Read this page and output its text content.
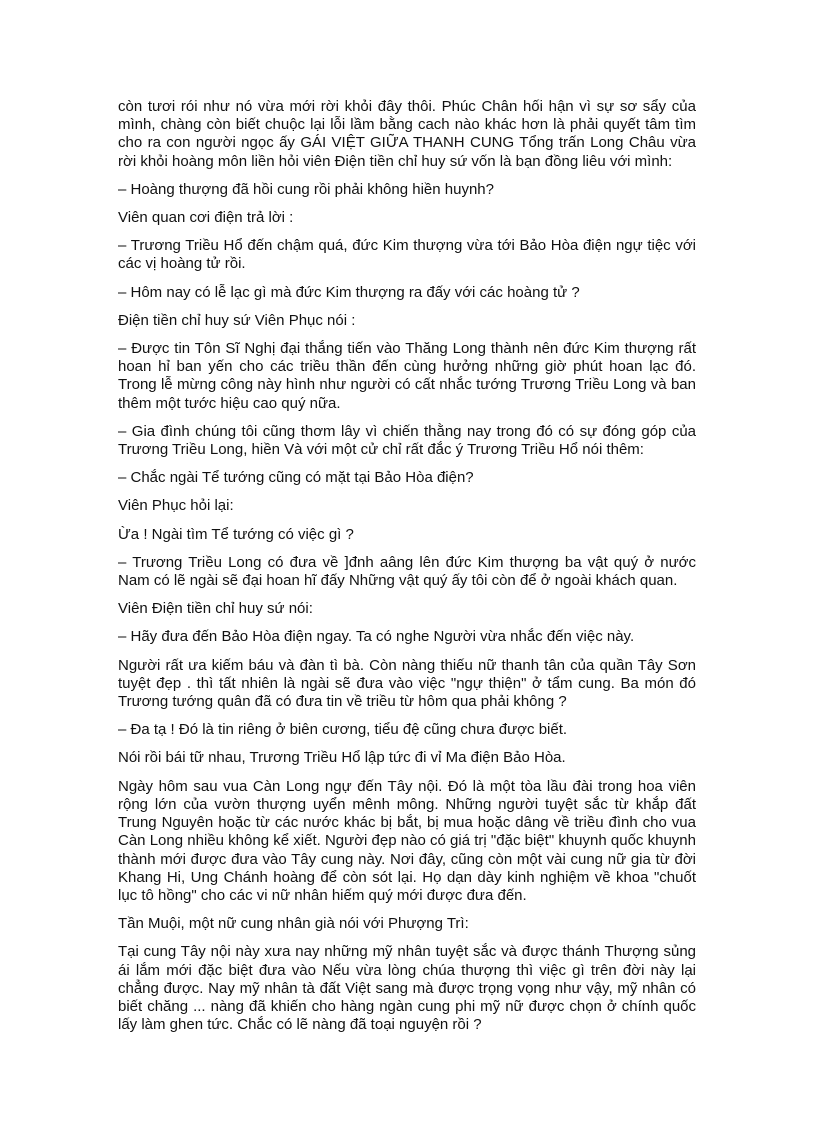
còn tươi rói như nó vừa mới rời khỏi đây thôi. Phúc Chân hối hận vì sự sơ sẩy của mình, chàng còn biết chuộc lại lỗi lầm bằng cach nào khác hơn là phải quyết tâm tìm cho ra con người ngọc ấy GÁI VIỆT GIỮA THANH CUNG Tổng trấn Long Châu vừa rời khỏi hoàng môn liền hỏi viên Điện tiền chỉ huy sứ vốn là bạn đồng liêu với mình:

– Hoàng thượng đã hồi cung rồi phải không hiền huynh?

Viên quan cơi điện trả lời :

– Trương Triều Hổ đến chậm quá, đức Kim thượng vừa tới Bảo Hòa điện ngự tiệc với các vị hoàng tử rồi.

– Hôm nay có lễ lạc gì mà đức Kim thượng ra đấy với các hoàng tử ?

Điện tiền chỉ huy sứ Viên Phục nói :

– Được tin Tôn Sĩ Nghị đại thắng tiến vào Thăng Long thành nên đức Kim thượng rất hoan hỉ ban yến cho các triều thần đến cùng hưởng những giờ phút hoan lạc đó. Trong lễ mừng công này hình như người có cất nhắc tướng Trương Triều Long và ban thêm một tước hiệu cao quý nữa.

– Gia đình chúng tôi cũng thơm lây vì chiến thằng nay trong đó có sự đóng góp của Trương Triều Long, hiền Và với một cử chỉ rất đắc ý Trương Triều Hổ nói thêm:

– Chắc ngài Tể tướng cũng có mặt tại Bảo Hòa điện?

Viên Phục hỏi lại:

Ừa ! Ngài tìm Tể tướng có việc gì ?

– Trương Triều Long có đưa về ]đnh aâng lên đức Kim thượng ba vật quý ở nước Nam có lẽ ngài sẽ đại hoan hĩ đấy Những vật quý ấy tôi còn để ở ngoài khách quan.

Viên Điện tiền chỉ huy sứ nói:

– Hãy đưa đến Bảo Hòa điện ngay. Ta có nghe Người vừa nhắc đến việc này.

Người rất ưa kiếm báu và đàn tì bà. Còn nàng thiếu nữ thanh tân của quần Tây Sơn tuyệt đẹp . thì tất nhiên là ngài sẽ đưa vào việc "ngự thiện" ở tẩm cung. Ba món đó Trương tướng quân đã có đưa tin về triều từ hôm qua phải không ?

– Đa tạ ! Đó là tin riêng ở biên cương, tiểu đệ cũng chưa được biết.

Nói rồi bái tữ nhau, Trương Triều Hổ lập tức đi vỉ Ma điện Bảo Hòa.

Ngày hôm sau vua Càn Long ngự đến Tây nội. Đó là một tòa lầu đài trong hoa viên rộng lớn của vườn thượng uyển mênh mông. Những người tuyệt sắc từ khắp đất Trung Nguyên hoặc từ các nước khác bị bắt, bị mua hoặc dâng về triều đình cho vua Càn Long nhiều không kể xiết. Người đẹp nào có giá trị "đặc biệt" khuynh quốc khuynh thành mới được đưa vào Tây cung này. Nơi đây, cũng còn một vài cung nữ gia từ đời Khang Hi, Ung Chánh hoàng để còn sót lại. Họ dạn dày kinh nghiệm về khoa "chuốt lục tô hồng" cho các vi nữ nhân hiếm quý mới được đưa đến.

Tần Muội, một nữ cung nhân già nói với Phượng Trì:

Tại cung Tây nội này xưa nay những mỹ nhân tuyệt sắc và được thánh Thượng sủng ái lắm mới đặc biệt đưa vào Nếu vừa lòng chúa thượng thì việc gì trên đời này lại chẳng được. Nay mỹ nhân tà đất Việt sang mà được trọng vọng như vậy, mỹ nhân có biết chăng ... nàng đã khiến cho hàng ngàn cung phi mỹ nữ được chọn ở chính quốc lấy làm ghen tức. Chắc có lẽ nàng đã toại nguyện rồi ?
